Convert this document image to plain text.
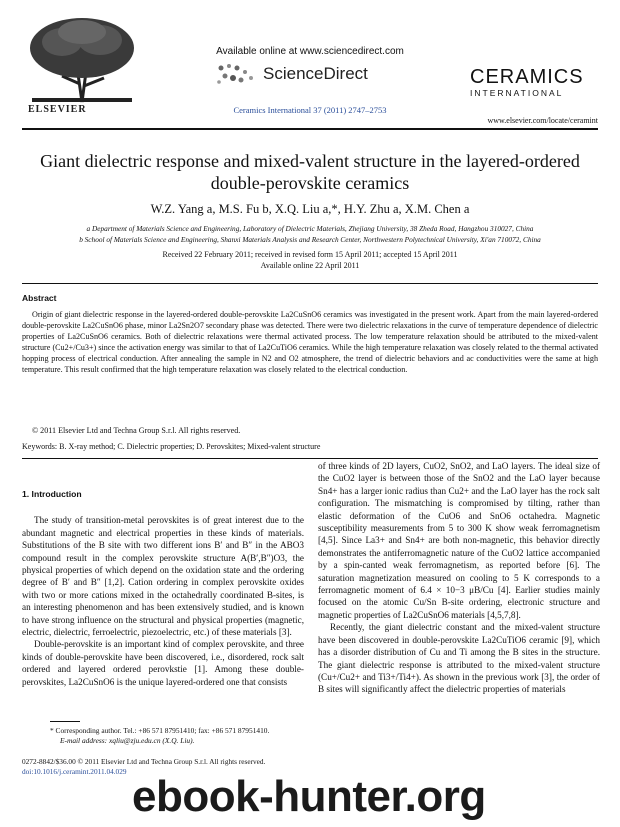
ELSEVIER
Available online at www.sciencedirect.com
ScienceDirect
Ceramics International 37 (2011) 2747–2753
CERAMICS
INTERNATIONAL
www.elsevier.com/locate/ceramint
Giant dielectric response and mixed-valent structure in the layered-ordered double-perovskite ceramics
W.Z. Yang a, M.S. Fu b, X.Q. Liu a,*, H.Y. Zhu a, X.M. Chen a
a Department of Materials Science and Engineering, Laboratory of Dielectric Materials, Zhejiang University, 38 Zheda Road, Hangzhou 310027, China
b School of Materials Science and Engineering, Shanxi Materials Analysis and Research Center, Northwestern Polytechnical University, Xi'an 710072, China
Received 22 February 2011; received in revised form 15 April 2011; accepted 15 April 2011
Available online 22 April 2011
Abstract
Origin of giant dielectric response in the layered-ordered double-perovskite La2CuSnO6 ceramics was investigated in the present work. Apart from the main layered-ordered double-perovskite La2CuSnO6 phase, minor La2Sn2O7 secondary phase was detected. There were two dielectric relaxations in the curve of temperature dependence of dielectric properties of La2CuSnO6 ceramics. Both of dielectric relaxations were thermal activated process. The low temperature relaxation should be attributed to the mixed-valent structure (Cu2+/Cu3+) since the activation energy was similar to that of La2CuTiO6 ceramics. While the high temperature relaxation was closely related to the thermal activated hopping process of electrical conduction. After annealing the sample in N2 and O2 atmosphere, the trend of dielectric behaviors and ac conductivities were the same at high temperature. This result confirmed that the high temperature relaxation was closely related to the electrical conduction.
© 2011 Elsevier Ltd and Techna Group S.r.l. All rights reserved.
Keywords: B. X-ray method; C. Dielectric properties; D. Perovskites; Mixed-valent structure
1. Introduction

The study of transition-metal perovskites is of great interest due to the abundant magnetic and electrical properties in these kinds of materials. Substitutions of the B site with two different ions B′ and B″ in the ABO3 compound result in the complex perovskite structure A(B′,B″)O3, the physical properties of which depend on the oxidation state and the ordering degree of B′ and B″ [1,2]. Cation ordering in complex perovskite oxides with two or more cations mixed in the octahedrally coordinated B-sites, is an interesting phenomenon and has been extensively studied, and is known to have strong influence on the structural and physical properties (magnetic, electric, dielectric, ferroelectric, piezoelectric, etc.) of these materials [3].

Double-perovskite is an important kind of complex perovskite, and three kinds of double-perovskite have been discovered, i.e., disordered, rock salt ordered and layered ordered perovkstie [1]. Among these double-perovskites, La2CuSnO6 is the unique layered-ordered one that consists

of three kinds of 2D layers, CuO2, SnO2, and LaO layers. The ideal size of the CuO2 layer is between those of the SnO2 and the LaO layer because Sn4+ has a larger ionic radius than Cu2+ and the LaO layer has the rock salt configuration. The mismatching is compromised by tilting, rather than elastic deformation of the CuO6 and SnO6 octahedra. Magnetic susceptibility measurements from 5 to 300 K show weak ferromagnetism [4,5]. Since La3+ and Sn4+ are both non-magnetic, this behavior directly demonstrates the antiferromagnetic nature of the CuO2 lattice accompanied by a spin-canted weak ferromagnetism, as reported before [6]. The saturation magnetization measured on cooling to 5 K corresponds to a ferromagnetic moment of 6.4 × 10−3 μB/Cu [4]. Earlier studies mainly focused on the atomic Cu/Sn B-site ordering, electronic structure and magnetic properties of La2CuSnO6 materials [4,5,7,8].

Recently, the giant dielectric constant and the mixed-valent structure have been discovered in double-perovskite La2CuTiO6 ceramic [9], which has a disorder distribution of Cu and Ti among the B sites in the structure. The giant dielectric response is attributed to the mixed-valent structure (Cu+/Cu2+ and Ti3+/Ti4+). As shown in the previous work [3], the order of B sites will significantly affect the dielectric properties of materials

* Corresponding author. Tel.: +86 571 87951410; fax: +86 571 87951410.
E-mail address: xqliu@zju.edu.cn (X.Q. Liu).
0272-8842/$36.00 © 2011 Elsevier Ltd and Techna Group S.r.l. All rights reserved.
doi:10.1016/j.ceramint.2011.04.029
ebook-hunter.org
